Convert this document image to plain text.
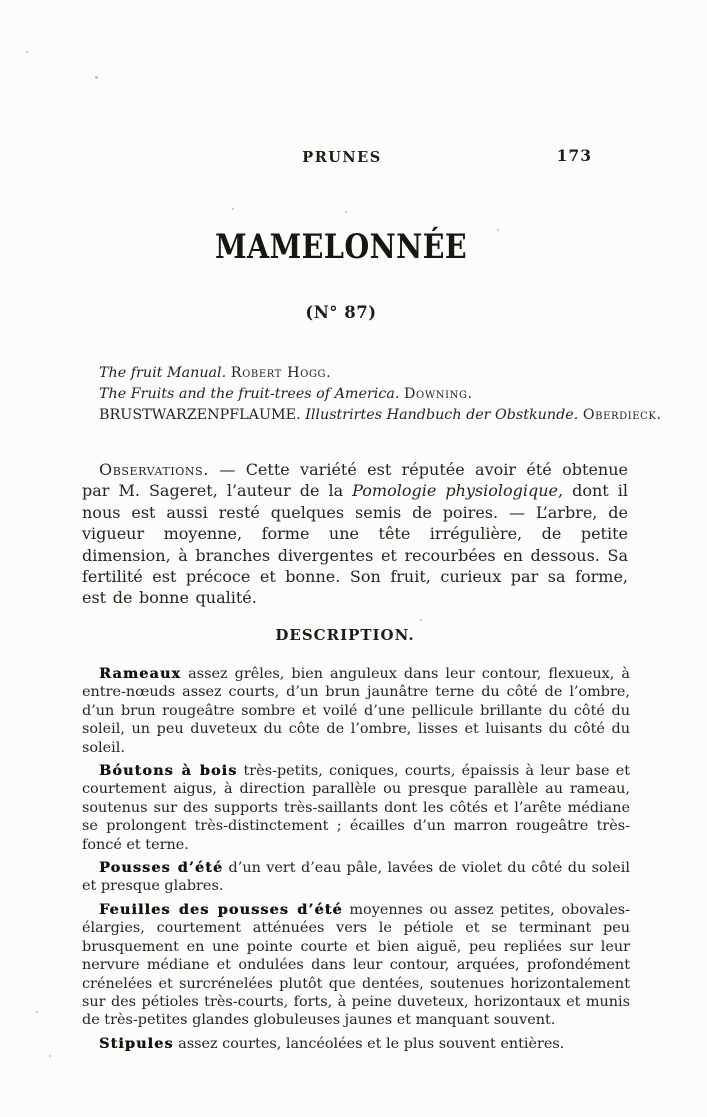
PRUNES	173
MAMELONNÉE
(N° 87)
The fruit Manual. Robert Hogg.
The Fruits and the fruit-trees of America. Downing.
BRUSTWARZENPFLAUME. Illustrirtes Handbuch der Obstkunde. Oberdieck.

Observations. — Cette variété est réputée avoir été obtenue par M. Sageret, l’auteur de la Pomologie physiologique, dont il nous est aussi resté quelques semis de poires. — L’arbre, de vigueur moyenne, forme une tête irrégulière, de petite dimension, à branches divergentes et recourbées en dessous. Sa fertilité est précoce et bonne. Son fruit, curieux par sa forme, est de bonne qualité.

DESCRIPTION.

Rameaux assez grêles, bien anguleux dans leur contour, flexueux, à entre-nœuds assez courts, d’un brun jaunâtre terne du côté de l’ombre, d’un brun rougeâtre sombre et voilé d’une pellicule brillante du côté du soleil, un peu duveteux du côte de l’ombre, lisses et luisants du côté du soleil.

Bóutons à bois très-petits, coniques, courts, épaissis à leur base et courtement aigus, à direction parallèle ou presque parallèle au rameau, soutenus sur des supports très-saillants dont les côtés et l’arête médiane se prolongent très-distinctement ; écailles d’un marron rougeâtre très-foncé et terne.

Pousses d’été d’un vert d’eau pâle, lavées de violet du côté du soleil et presque glabres.

Feuilles des pousses d’été moyennes ou assez petites, obovales-élargies, courtement atténuées vers le pétiole et se terminant peu brusquement en une pointe courte et bien aiguë, peu repliées sur leur nervure médiane et ondulées dans leur contour, arquées, profondément crénelées et surcrénelées plutôt que dentées, soutenues horizontalement sur des pétioles très-courts, forts, à peine duveteux, horizontaux et munis de très-petites glandes globuleuses jaunes et manquant souvent.

Stipules assez courtes, lancéolées et le plus souvent entières.
